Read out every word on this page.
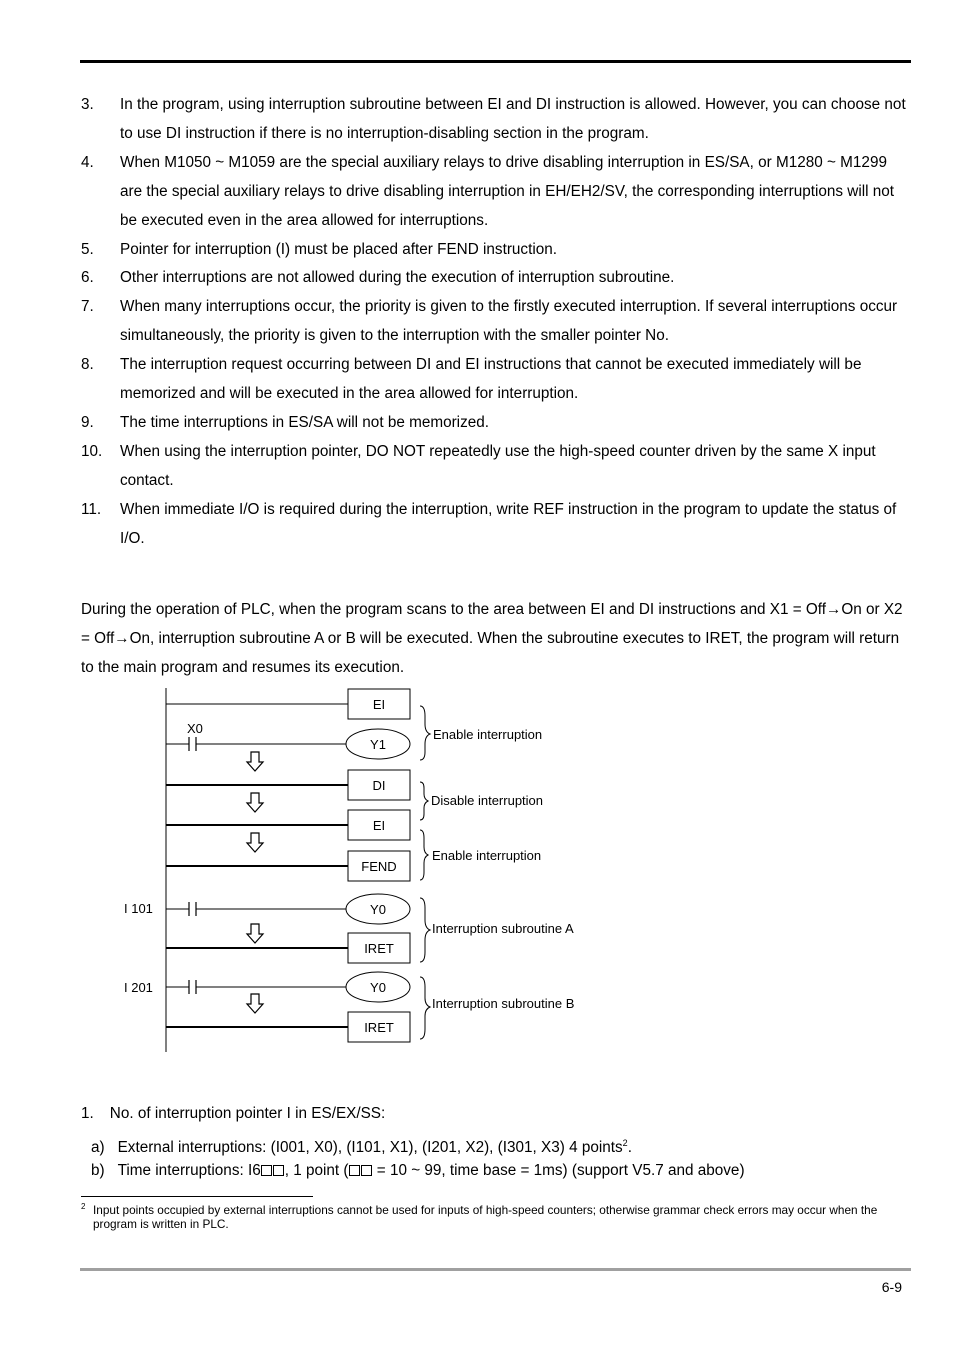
3. In the program, using interruption subroutine between EI and DI instruction is allowed. However, you can choose not to use DI instruction if there is no interruption-disabling section in the program.
4. When M1050 ~ M1059 are the special auxiliary relays to drive disabling interruption in ES/SA, or M1280 ~ M1299 are the special auxiliary relays to drive disabling interruption in EH/EH2/SV, the corresponding interruptions will not be executed even in the area allowed for interruptions.
5. Pointer for interruption (I) must be placed after FEND instruction.
6. Other interruptions are not allowed during the execution of interruption subroutine.
7. When many interruptions occur, the priority is given to the firstly executed interruption. If several interruptions occur simultaneously, the priority is given to the interruption with the smaller pointer No.
8. The interruption request occurring between DI and EI instructions that cannot be executed immediately will be memorized and will be executed in the area allowed for interruption.
9. The time interruptions in ES/SA will not be memorized.
10. When using the interruption pointer, DO NOT repeatedly use the high-speed counter driven by the same X input contact.
11. When immediate I/O is required during the interruption, write REF instruction in the program to update the status of I/O.
During the operation of PLC, when the program scans to the area between EI and DI instructions and X1 = Off→On or X2 = Off→On, interruption subroutine A or B will be executed. When the subroutine executes to IRET, the program will return to the main program and resumes its execution.
EI
X0
Y1
DI
EI
FEND
I 101	Y0
IRET
I 201	Y0
IRET
Enable interruption
Disable interruption
Enable interruption
Interruption subroutine A
Interruption subroutine B
1. No. of interruption pointer I in ES/EX/SS:
a) External interruptions: (I001, X0), (I101, X1), (I201, X2), (I301, X3) 4 points$^2$.
b) Time interruptions: I6 , 1 point ( = 10 ~ 99, time base = 1ms) (support V5.7 and above)
2 Input points occupied by external interruptions cannot be used for inputs of high-speed counters; otherwise grammar check errors may occur when the program is written in PLC.
6-9
